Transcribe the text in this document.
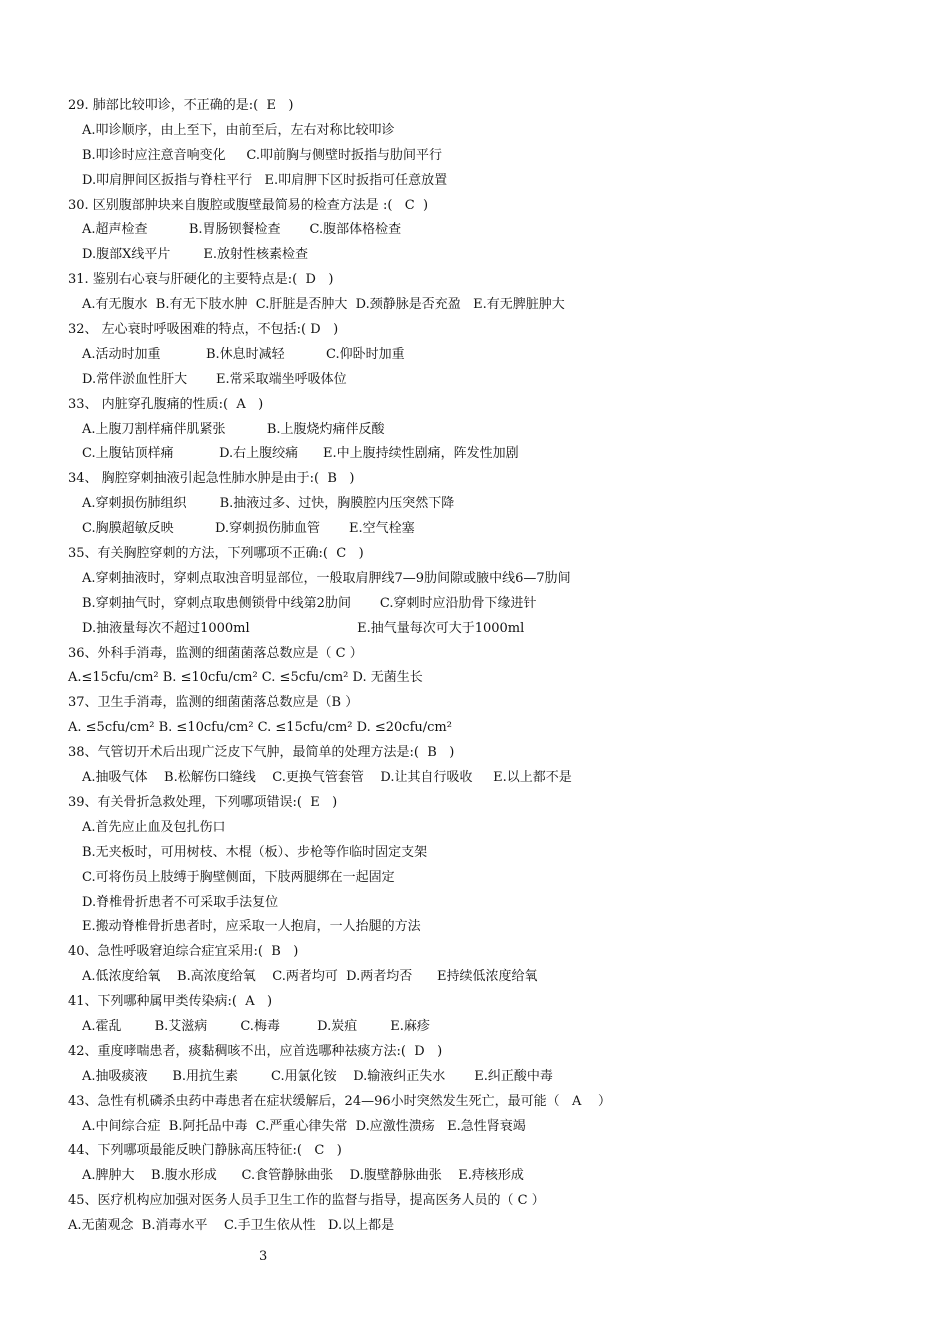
29. 肺部比较叩诊，不正确的是:(  E   )
A.叩诊顺序，由上至下，由前至后，左右对称比较叩诊
B.叩诊时应注意音响变化     C.叩前胸与侧壁时扳指与肋间平行
D.叩肩胛间区扳指与脊柱平行   E.叩肩胛下区时扳指可任意放置
30. 区别腹部肿块来自腹腔或腹壁最简易的检查方法是 :(   C  )
A.超声检查          B.胃肠钡餐检查       C.腹部体格检查
D.腹部X线平片        E.放射性核素检查
31. 鉴别右心衰与肝硬化的主要特点是:(  D   )
A.有无腹水  B.有无下肢水肿  C.肝脏是否肿大  D.颈静脉是否充盈   E.有无脾脏肿大
32、 左心衰时呼吸困难的特点，不包括:( D   )
A.活动时加重           B.休息时减轻          C.仰卧时加重
D.常伴淤血性肝大       E.常采取端坐呼吸体位
33、 内脏穿孔腹痛的性质:(  A   )
A.上腹刀割样痛伴肌紧张          B.上腹烧灼痛伴反酸
C.上腹钻顶样痛           D.右上腹绞痛      E.中上腹持续性剧痛，阵发性加剧
34、 胸腔穿刺抽液引起急性肺水肿是由于:(  B   )
A.穿刺损伤肺组织        B.抽液过多、过快，胸膜腔内压突然下降
C.胸膜超敏反映          D.穿刺损伤肺血管       E.空气栓塞
35、有关胸腔穿刺的方法，下列哪项不正确:(  C   )
A.穿刺抽液时，穿刺点取浊音明显部位，一般取肩胛线7—9肋间隙或腋中线6—7肋间
B.穿刺抽气时，穿刺点取患侧锁骨中线第2肋间       C.穿刺时应沿肋骨下缘进针
D.抽液量每次不超过1000ml                          E.抽气量每次可大于1000ml
36、外科手消毒，监测的细菌菌落总数应是（ C ）
A.≤15cfu/cm² B. ≤10cfu/cm² C. ≤5cfu/cm² D. 无菌生长
37、卫生手消毒，监测的细菌菌落总数应是（B ）
A. ≤5cfu/cm² B. ≤10cfu/cm² C. ≤15cfu/cm² D. ≤20cfu/cm²
38、气管切开术后出现广泛皮下气肿，最简单的处理方法是:(  B   )
A.抽吸气体    B.松解伤口缝线    C.更换气管套管    D.让其自行吸收     E.以上都不是
39、有关骨折急救处理，下列哪项错误:(  E   )
A.首先应止血及包扎伤口
B.无夹板时，可用树枝、木棍（板）、步枪等作临时固定支架
C.可将伤员上肢缚于胸壁侧面，下肢两腿绑在一起固定
D.脊椎骨折患者不可采取手法复位
E.搬动脊椎骨折患者时，应采取一人抱肩，一人抬腿的方法
40、急性呼吸窘迫综合症宜采用:(  B   )
A.低浓度给氧    B.高浓度给氧    C.两者均可  D.两者均否      E持续低浓度给氧
41、下列哪种属甲类传染病:(  A   )
A.霍乱        B.艾滋病        C.梅毒         D.炭疽        E.麻疹
42、重度哮喘患者，痰黏稠咳不出，应首选哪种祛痰方法:(  D   )
A.抽吸痰液      B.用抗生素        C.用氯化铵    D.输液纠正失水       E.纠正酸中毒
43、急性有机磷杀虫药中毒患者在症状缓解后，24—96小时突然发生死亡，最可能（   A    ）
A.中间综合症  B.阿托品中毒  C.严重心律失常  D.应激性溃疡   E.急性肾衰竭
44、下列哪项最能反映门静脉高压特征:(   C   )
A.脾肿大    B.腹水形成      C.食管静脉曲张    D.腹壁静脉曲张    E.痔核形成
45、医疗机构应加强对医务人员手卫生工作的监督与指导，提高医务人员的（ C ）
A.无菌观念  B.消毒水平    C.手卫生依从性   D.以上都是
3
